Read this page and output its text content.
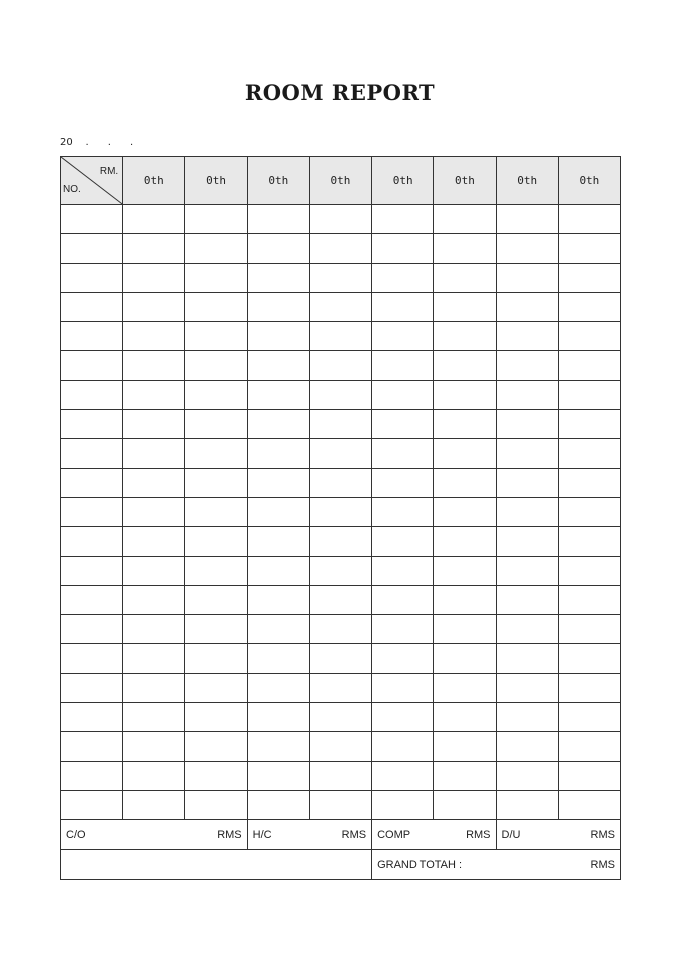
ROOM REPORT
20    .      .      .
RM.
NO.	0th	0th	0th	0th	0th	0th	0th	0th

C/O RMS			H/C RMS		COMP RMS		D/U RMS	

					GRAND TOTAH : RMS			
